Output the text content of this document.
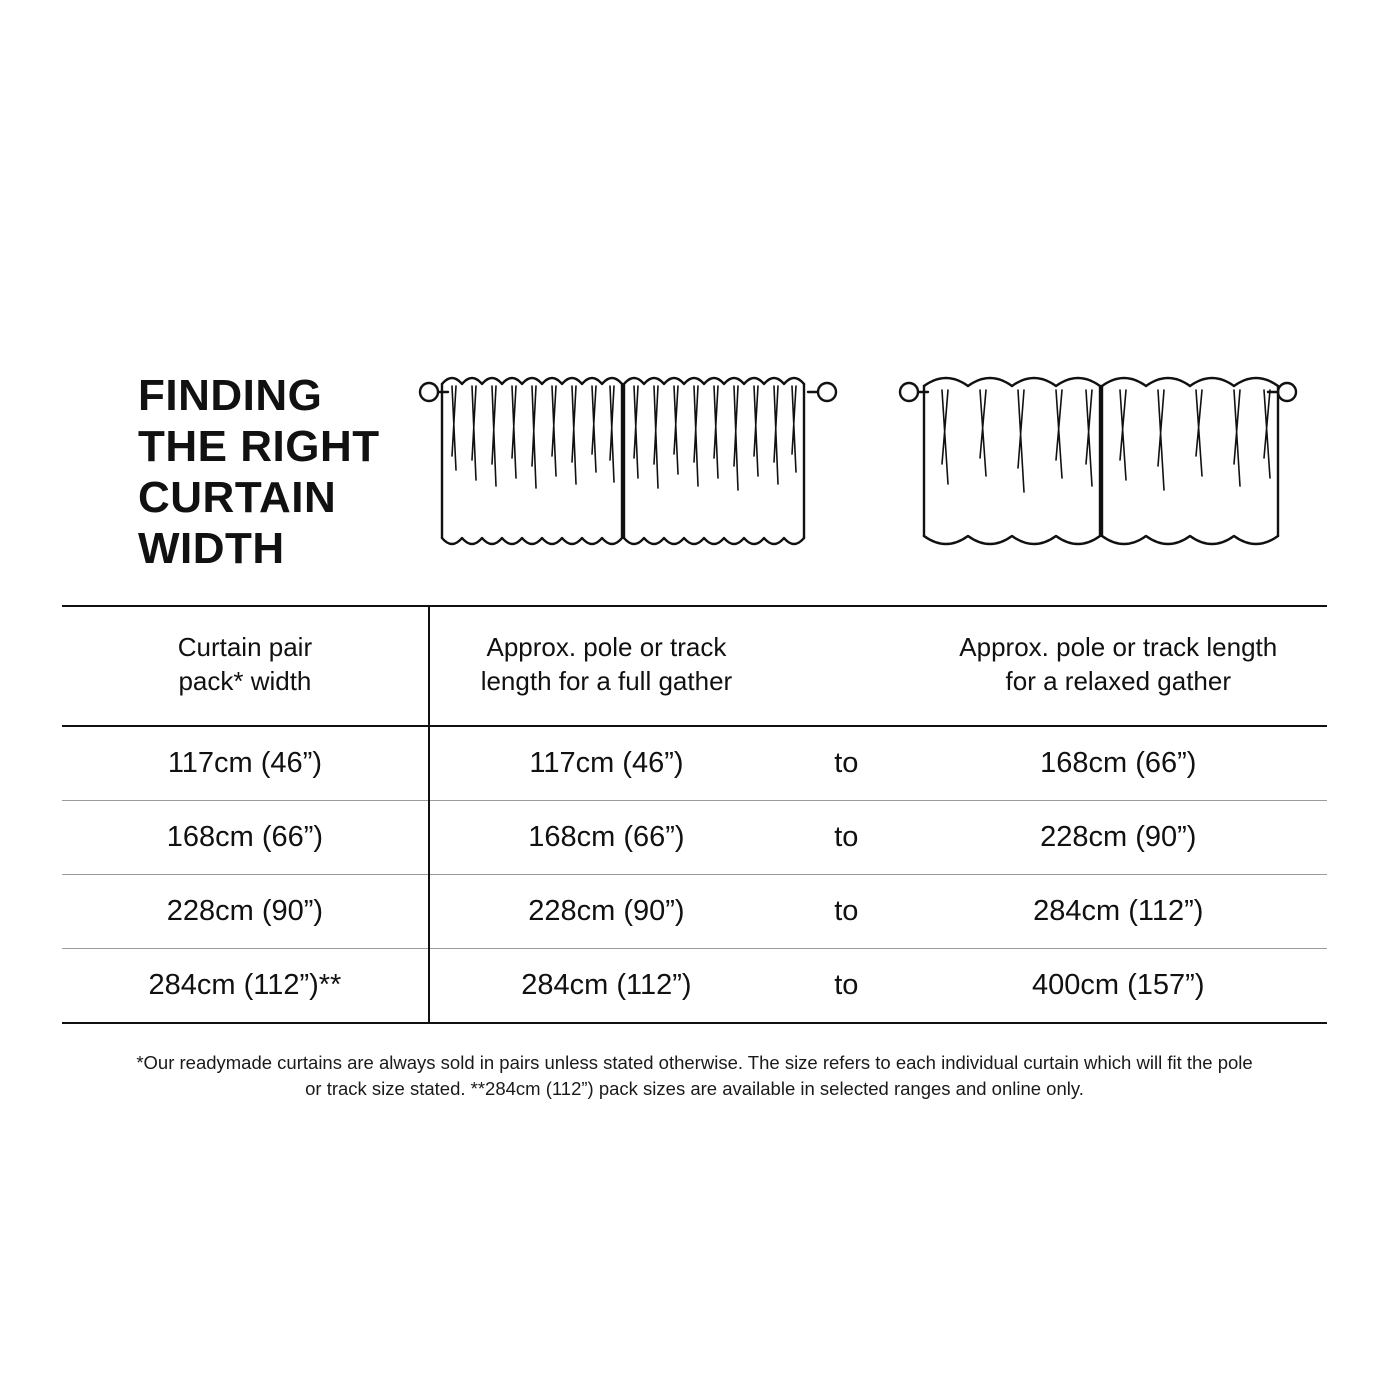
FINDING
THE RIGHT
CURTAIN
WIDTH
Curtain pair
pack* width	Approx. pole or track
length for a full gather		Approx. pole or track length
for a relaxed gather
117cm (46”)	117cm (46”)	to	168cm (66”)
168cm (66”)	168cm (66”)	to	228cm (90”)
228cm (90”)	228cm (90”)	to	284cm (112”)
284cm (112”)**	284cm (112”)	to	400cm (157”)
*Our readymade curtains are always sold in pairs unless stated otherwise. The size refers to each individual curtain which will fit the pole or track size stated. **284cm (112”) pack sizes are available in selected ranges and online only.
